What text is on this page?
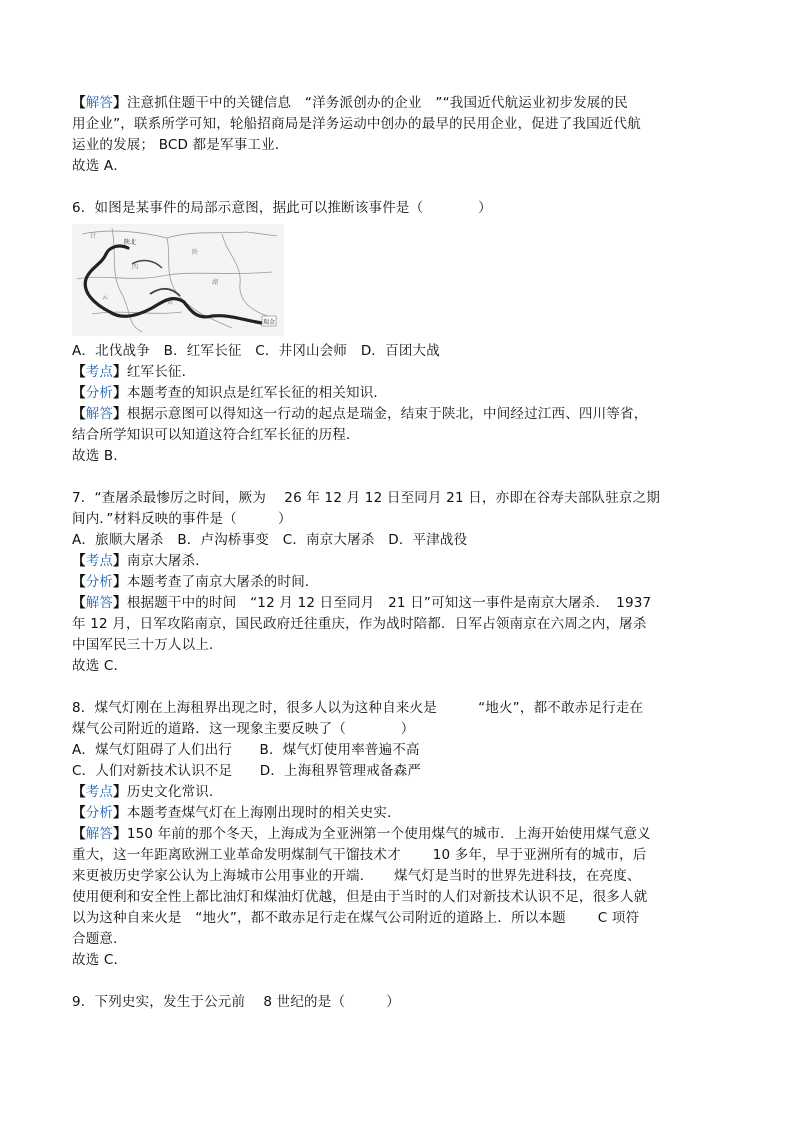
【解答】注意抓住题干中的关键信息　“洋务派创办的企业　”“我国近代航运业初步发展的民
用企业”，联系所学可知，轮船招商局是洋务运动中创办的最早的民用企业，促进了我国近代航
运业的发展； BCD 都是军事工业．
故选 A．
6．如图是某事件的局部示意图，据此可以推断该事件是（　　　　）
甘
陕
四
湖
云
贵
瑞金
陕北
A．北伐战争　B．红军长征　C．井冈山会师　D．百团大战
【考点】红军长征．
【分析】本题考查的知识点是红军长征的相关知识．
【解答】根据示意图可以得知这一行动的起点是瑞金，结束于陕北，中间经过江西、四川等省，
结合所学知识可以知道这符合红军长征的历程．
故选 B．
7．“查屠杀最惨厉之时间，厥为　 26 年 12 月 12 日至同月 21 日，亦即在谷寿夫部队驻京之期
间内．”材料反映的事件是（　　　）
A．旅顺大屠杀　B．卢沟桥事变　C．南京大屠杀　D．平津战役
【考点】南京大屠杀．
【分析】本题考查了南京大屠杀的时间．
【解答】根据题干中的时间　“12 月 12 日至同月　21 日”可知这一事件是南京大屠杀．　1937
年 12 月，日军攻陷南京，国民政府迁往重庆，作为战时陪都．日军占领南京在六周之内，屠杀
中国军民三十万人以上．
故选 C．
8．煤气灯刚在上海租界出现之时，很多人以为这种自来火是　　　“地火”，都不敢赤足行走在
煤气公司附近的道路．这一现象主要反映了（　　　　）
A．煤气灯阻碍了人们出行　　B．煤气灯使用率普遍不高
C．人们对新技术认识不足　　D．上海租界管理戒备森严
【考点】历史文化常识．
【分析】本题考查煤气灯在上海刚出现时的相关史实．
【解答】150 年前的那个冬天，上海成为全亚洲第一个使用煤气的城市．上海开始使用煤气意义
重大，这一年距离欧洲工业革命发明煤制气干馏技术才　　 10 多年，早于亚洲所有的城市，后
来更被历史学家公认为上海城市公用事业的开端．　　煤气灯是当时的世界先进科技，在亮度、
使用便利和安全性上都比油灯和煤油灯优越，但是由于当时的人们对新技术认识不足，很多人就
以为这种自来火是　“地火”，都不敢赤足行走在煤气公司附近的道路上．所以本题　　 C 项符
合题意．
故选 C．
9．下列史实，发生于公元前　 8 世纪的是（　　　）
